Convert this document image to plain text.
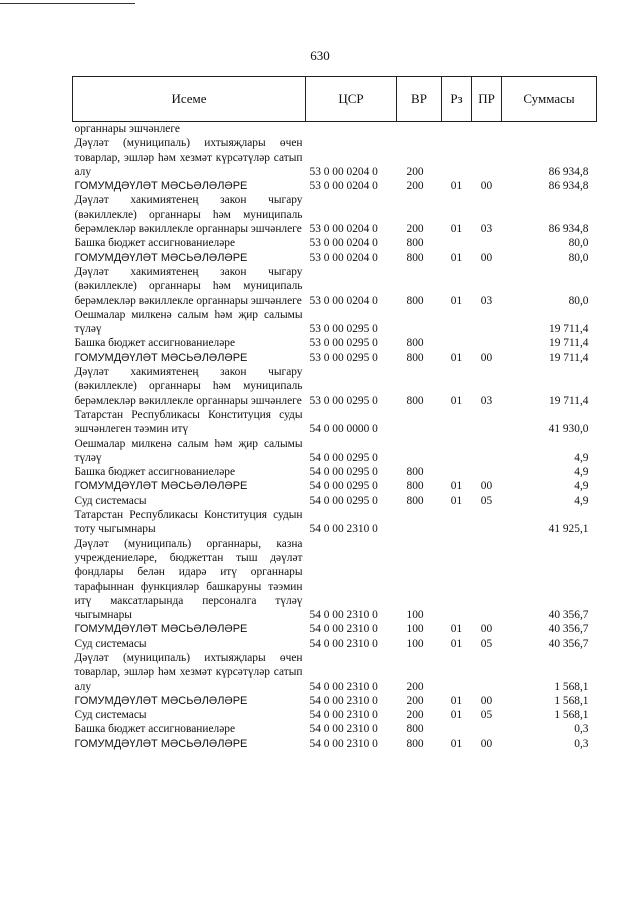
630
Исеме	ЦСР	ВР	Рз	ПР	Суммасы
органнары эшчәнлеге					
Дәүләт (муниципаль) ихтыяҗлары өчен товарлар, эшләр һәм хезмәт күрсәтүләр сатып алу	53 0 00 0204 0	200			86 934,8
ГОМУМДӘҮЛӘТ МӘСЬӘЛӘЛӘРЕ	53 0 00 0204 0	200	01	00	86 934,8
Дәүләт хакимиятенең закон чыгару (вәкиллекле) органнары һәм муниципаль берәмлекләр вәкиллекле органнары эшчәнлеге	53 0 00 0204 0	200	01	03	86 934,8
Башка бюджет ассигнованиеләре	53 0 00 0204 0	800			80,0
ГОМУМДӘҮЛӘТ МӘСЬӘЛӘЛӘРЕ	53 0 00 0204 0	800	01	00	80,0
Дәүләт хакимиятенең закон чыгару (вәкиллекле) органнары һәм муниципаль берәмлекләр вәкиллекле органнары эшчәнлеге	53 0 00 0204 0	800	01	03	80,0
Оешмалар милкенә салым һәм җир салымы түләү	53 0 00 0295 0				19 711,4
Башка бюджет ассигнованиеләре	53 0 00 0295 0	800			19 711,4
ГОМУМДӘҮЛӘТ МӘСЬӘЛӘЛӘРЕ	53 0 00 0295 0	800	01	00	19 711,4
Дәүләт хакимиятенең закон чыгару (вәкиллекле) органнары һәм муниципаль берәмлекләр вәкиллекле органнары эшчәнлеге	53 0 00 0295 0	800	01	03	19 711,4
Татарстан Республикасы Конституция суды эшчәнлеген тәэмин итү	54 0 00 0000 0				41 930,0
Оешмалар милкенә салым һәм җир салымы түләү	54 0 00 0295 0				4,9
Башка бюджет ассигнованиеләре	54 0 00 0295 0	800			4,9
ГОМУМДӘҮЛӘТ МӘСЬӘЛӘЛӘРЕ	54 0 00 0295 0	800	01	00	4,9
Суд системасы	54 0 00 0295 0	800	01	05	4,9
Татарстан Республикасы Конституция судын тоту чыгымнары	54 0 00 2310 0				41 925,1
Дәүләт (муниципаль) органнары, казна учреждениеләре, бюджеттан тыш дәүләт фондлары белән идарә итү органнары тарафыннан функцияләр башкаруны тәэмин итү максатларында персоналга түләү чыгымнары	54 0 00 2310 0	100			40 356,7
ГОМУМДӘҮЛӘТ МӘСЬӘЛӘЛӘРЕ	54 0 00 2310 0	100	01	00	40 356,7
Суд системасы	54 0 00 2310 0	100	01	05	40 356,7
Дәүләт (муниципаль) ихтыяҗлары өчен товарлар, эшләр һәм хезмәт күрсәтүләр сатып алу	54 0 00 2310 0	200			1 568,1
ГОМУМДӘҮЛӘТ МӘСЬӘЛӘЛӘРЕ	54 0 00 2310 0	200	01	00	1 568,1
Суд системасы	54 0 00 2310 0	200	01	05	1 568,1
Башка бюджет ассигнованиеләре	54 0 00 2310 0	800			0,3
ГОМУМДӘҮЛӘТ МӘСЬӘЛӘЛӘРЕ	54 0 00 2310 0	800	01	00	0,3
